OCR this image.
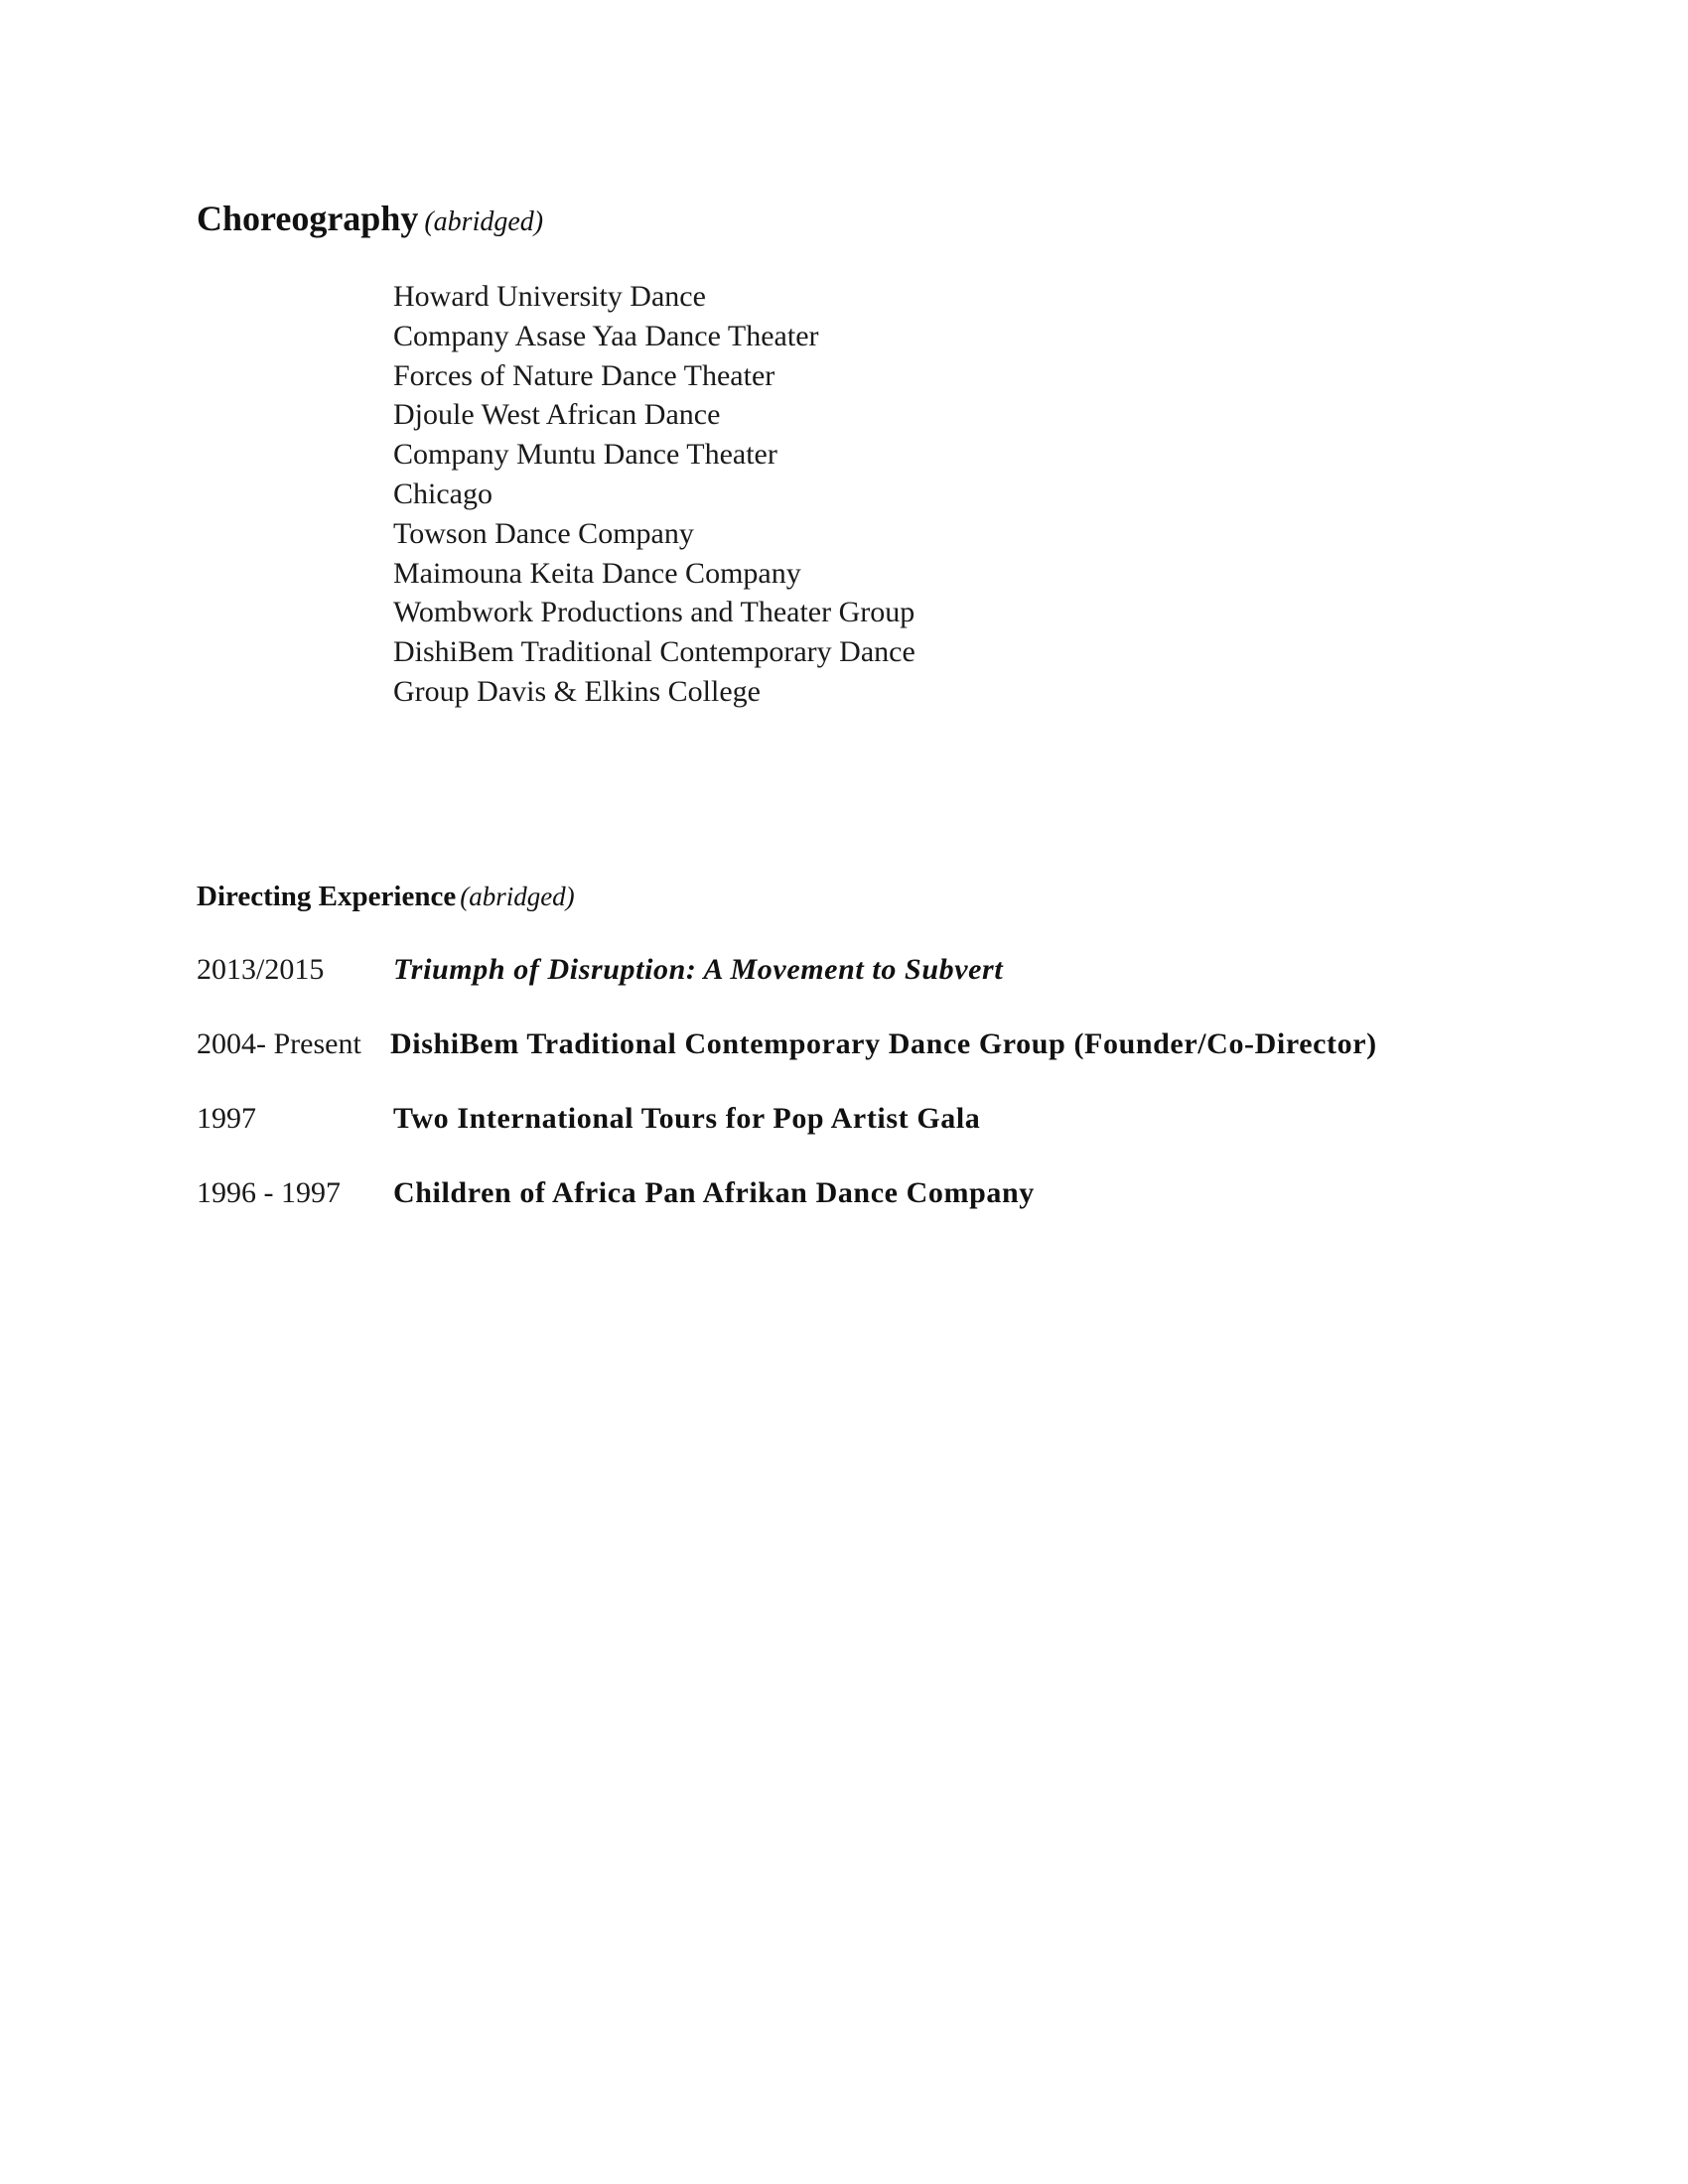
Choreography (abridged)
Howard University Dance
Company Asase Yaa Dance Theater
Forces of Nature Dance Theater
Djoule West African Dance
Company Muntu Dance Theater
Chicago
Towson Dance Company
Maimouna Keita Dance Company
Wombwork Productions and Theater Group
DishiBem Traditional Contemporary Dance
Group Davis & Elkins College
Directing Experience (abridged)
2013/2015 Triumph of Disruption: A Movement to Subvert
2004- Present DishiBem Traditional Contemporary Dance Group (Founder/Co-Director)
1997	Two International Tours for Pop Artist Gala
1996 - 1997 Children of Africa Pan Afrikan Dance Company
